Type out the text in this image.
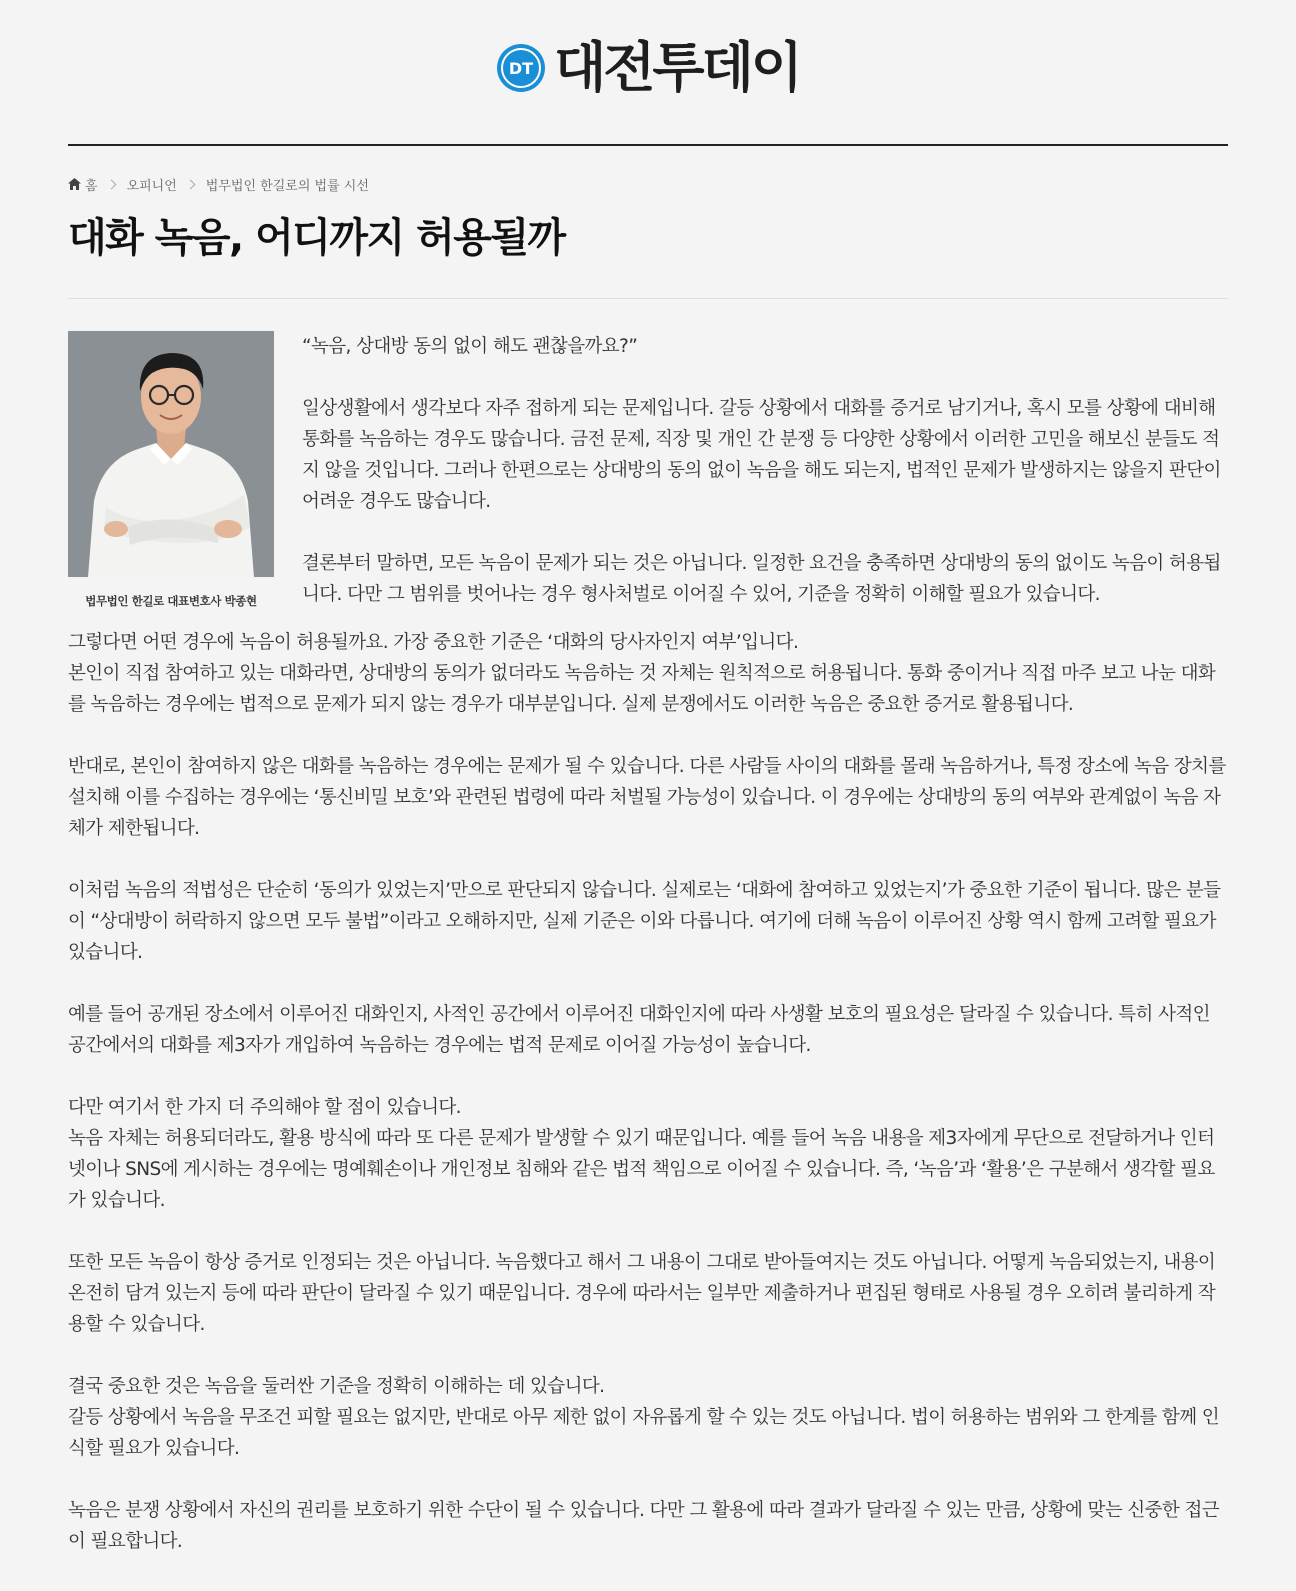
DT 대전투데이
홈 오피니언 법무법인 한길로의 법률 시선
대화 녹음, 어디까지 허용될까
법무법인 한길로 대표변호사 박종현

“녹음, 상대방 동의 없이 해도 괜찮을까요?”

일상생활에서 생각보다 자주 접하게 되는 문제입니다. 갈등 상황에서 대화를 증거로 남기거나, 혹시 모를 상황에 대비해 통화를 녹음하는 경우도 많습니다. 금전 문제, 직장 및 개인 간 분쟁 등 다양한 상황에서 이러한 고민을 해보신 분들도 적지 않을 것입니다. 그러나 한편으로는 상대방의 동의 없이 녹음을 해도 되는지, 법적인 문제가 발생하지는 않을지 판단이 어려운 경우도 많습니다.

결론부터 말하면, 모든 녹음이 문제가 되는 것은 아닙니다. 일정한 요건을 충족하면 상대방의 동의 없이도 녹음이 허용됩니다. 다만 그 범위를 벗어나는 경우 형사처벌로 이어질 수 있어, 기준을 정확히 이해할 필요가 있습니다.

그렇다면 어떤 경우에 녹음이 허용될까요. 가장 중요한 기준은 ‘대화의 당사자인지 여부’입니다.
본인이 직접 참여하고 있는 대화라면, 상대방의 동의가 없더라도 녹음하는 것 자체는 원칙적으로 허용됩니다. 통화 중이거나 직접 마주 보고 나눈 대화를 녹음하는 경우에는 법적으로 문제가 되지 않는 경우가 대부분입니다. 실제 분쟁에서도 이러한 녹음은 중요한 증거로 활용됩니다.

반대로, 본인이 참여하지 않은 대화를 녹음하는 경우에는 문제가 될 수 있습니다. 다른 사람들 사이의 대화를 몰래 녹음하거나, 특정 장소에 녹음 장치를 설치해 이를 수집하는 경우에는 ‘통신비밀 보호’와 관련된 법령에 따라 처벌될 가능성이 있습니다. 이 경우에는 상대방의 동의 여부와 관계없이 녹음 자체가 제한됩니다.

이처럼 녹음의 적법성은 단순히 ‘동의가 있었는지’만으로 판단되지 않습니다. 실제로는 ‘대화에 참여하고 있었는지’가 중요한 기준이 됩니다. 많은 분들이 “상대방이 허락하지 않으면 모두 불법”이라고 오해하지만, 실제 기준은 이와 다릅니다. 여기에 더해 녹음이 이루어진 상황 역시 함께 고려할 필요가 있습니다.

예를 들어 공개된 장소에서 이루어진 대화인지, 사적인 공간에서 이루어진 대화인지에 따라 사생활 보호의 필요성은 달라질 수 있습니다. 특히 사적인 공간에서의 대화를 제3자가 개입하여 녹음하는 경우에는 법적 문제로 이어질 가능성이 높습니다.

다만 여기서 한 가지 더 주의해야 할 점이 있습니다.
녹음 자체는 허용되더라도, 활용 방식에 따라 또 다른 문제가 발생할 수 있기 때문입니다. 예를 들어 녹음 내용을 제3자에게 무단으로 전달하거나 인터넷이나 SNS에 게시하는 경우에는 명예훼손이나 개인정보 침해와 같은 법적 책임으로 이어질 수 있습니다. 즉, ‘녹음’과 ‘활용’은 구분해서 생각할 필요가 있습니다.

또한 모든 녹음이 항상 증거로 인정되는 것은 아닙니다. 녹음했다고 해서 그 내용이 그대로 받아들여지는 것도 아닙니다. 어떻게 녹음되었는지, 내용이 온전히 담겨 있는지 등에 따라 판단이 달라질 수 있기 때문입니다. 경우에 따라서는 일부만 제출하거나 편집된 형태로 사용될 경우 오히려 불리하게 작용할 수 있습니다.

결국 중요한 것은 녹음을 둘러싼 기준을 정확히 이해하는 데 있습니다.
갈등 상황에서 녹음을 무조건 피할 필요는 없지만, 반대로 아무 제한 없이 자유롭게 할 수 있는 것도 아닙니다. 법이 허용하는 범위와 그 한계를 함께 인식할 필요가 있습니다.

녹음은 분쟁 상황에서 자신의 권리를 보호하기 위한 수단이 될 수 있습니다. 다만 그 활용에 따라 결과가 달라질 수 있는 만큼, 상황에 맞는 신중한 접근이 필요합니다.
